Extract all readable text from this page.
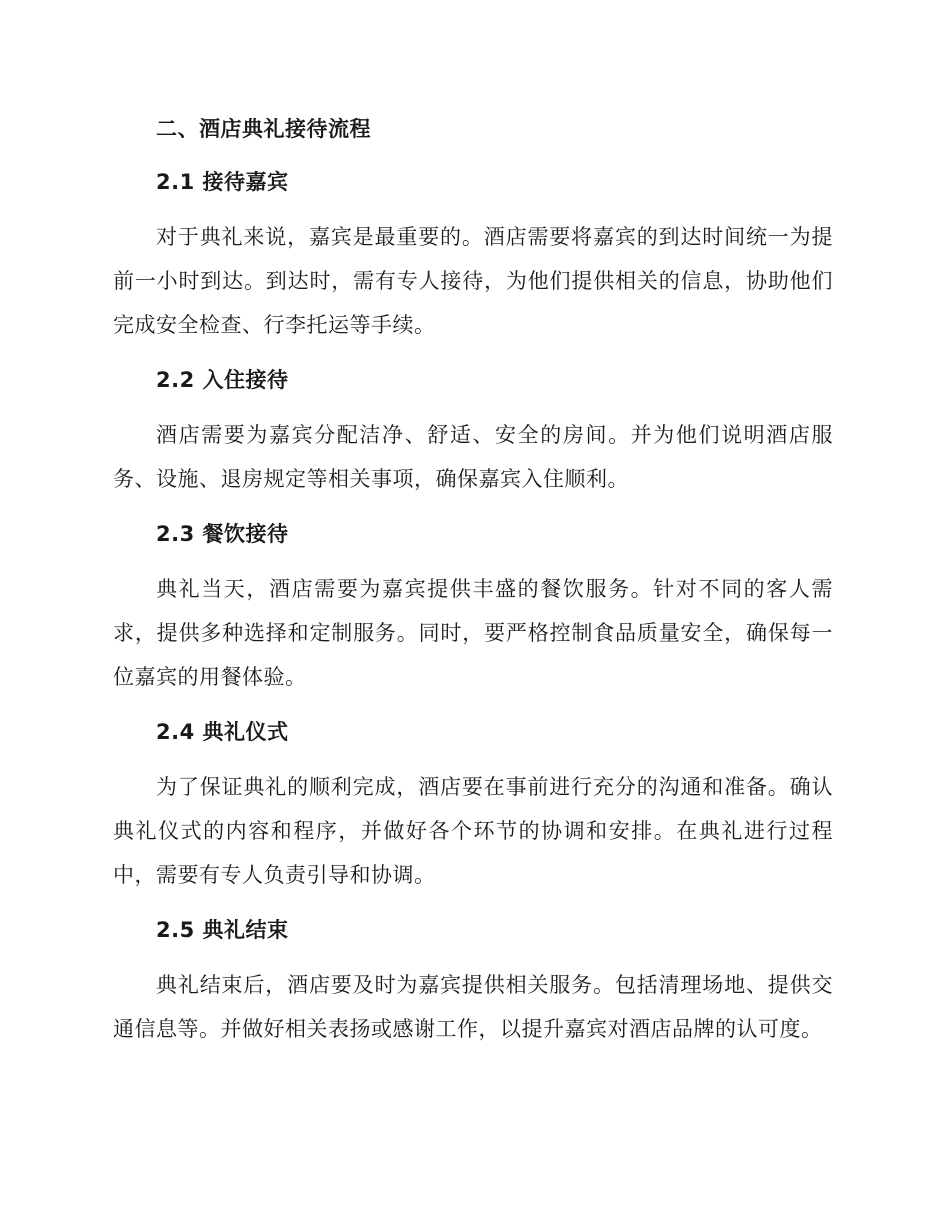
二、酒店典礼接待流程
2.1 接待嘉宾

对于典礼来说，嘉宾是最重要的。酒店需要将嘉宾的到达时间统一为提前一小时到达。到达时，需有专人接待，为他们提供相关的信息，协助他们完成安全检查、行李托运等手续。

2.2 入住接待

酒店需要为嘉宾分配洁净、舒适、安全的房间。并为他们说明酒店服务、设施、退房规定等相关事项，确保嘉宾入住顺利。

2.3 餐饮接待

典礼当天，酒店需要为嘉宾提供丰盛的餐饮服务。针对不同的客人需求，提供多种选择和定制服务。同时，要严格控制食品质量安全，确保每一位嘉宾的用餐体验。

2.4 典礼仪式

为了保证典礼的顺利完成，酒店要在事前进行充分的沟通和准备。确认典礼仪式的内容和程序，并做好各个环节的协调和安排。在典礼进行过程中，需要有专人负责引导和协调。

2.5 典礼结束

典礼结束后，酒店要及时为嘉宾提供相关服务。包括清理场地、提供交通信息等。并做好相关表扬或感谢工作，以提升嘉宾对酒店品牌的认可度。
